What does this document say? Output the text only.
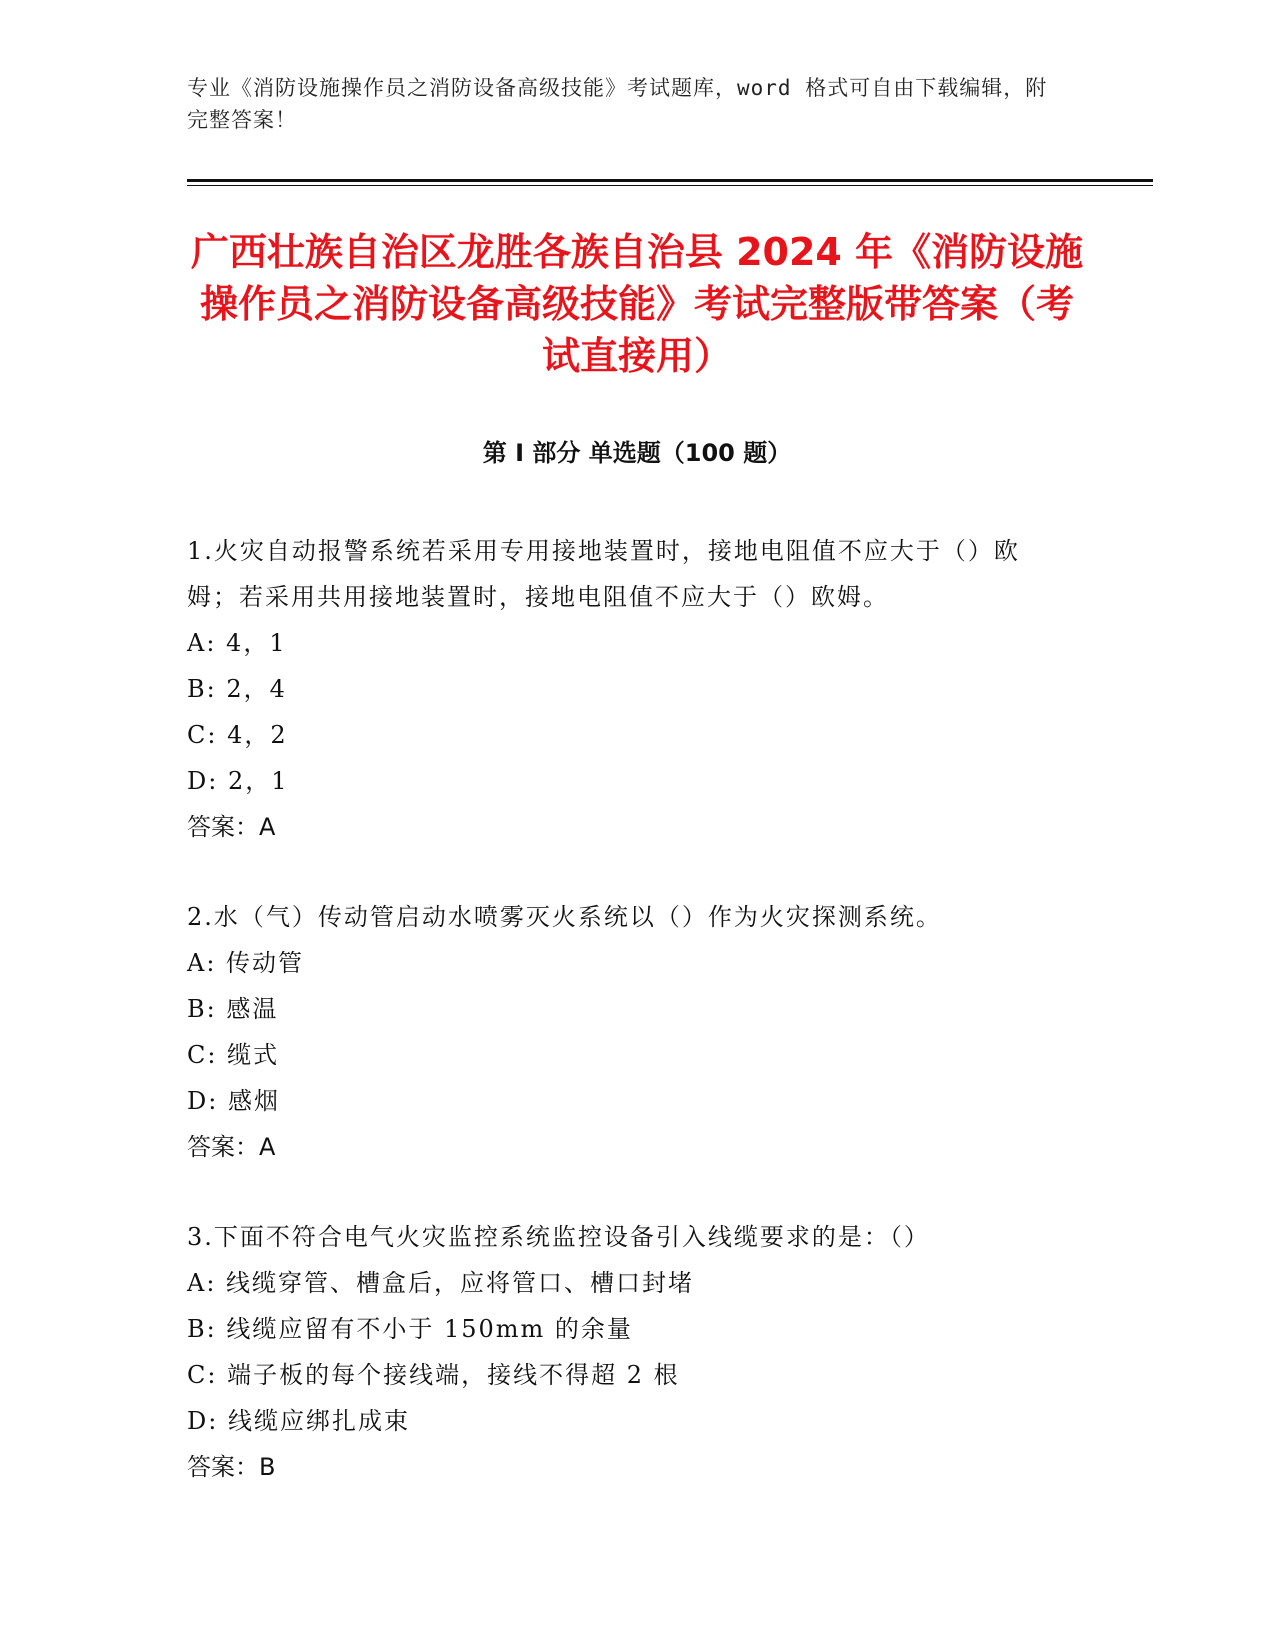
专业《消防设施操作员之消防设备高级技能》考试题库，word 格式可自由下载编辑，附完整答案！
广西壮族自治区龙胜各族自治县 2024 年《消防设施操作员之消防设备高级技能》考试完整版带答案（考试直接用）
第 I 部分 单选题（100 题）

1.火灾自动报警系统若采用专用接地装置时，接地电阻值不应大于（）欧姆；若采用共用接地装置时，接地电阻值不应大于（）欧姆。

A: 4，1

B: 2，4

C: 4，2

D: 2，1

答案：A

2.水（气）传动管启动水喷雾灭火系统以（）作为火灾探测系统。

A: 传动管

B: 感温

C: 缆式

D: 感烟

答案：A

3.下面不符合电气火灾监控系统监控设备引入线缆要求的是：（）

A: 线缆穿管、槽盒后，应将管口、槽口封堵

B: 线缆应留有不小于 150mm 的余量

C: 端子板的每个接线端，接线不得超 2 根

D: 线缆应绑扎成束

答案：B
